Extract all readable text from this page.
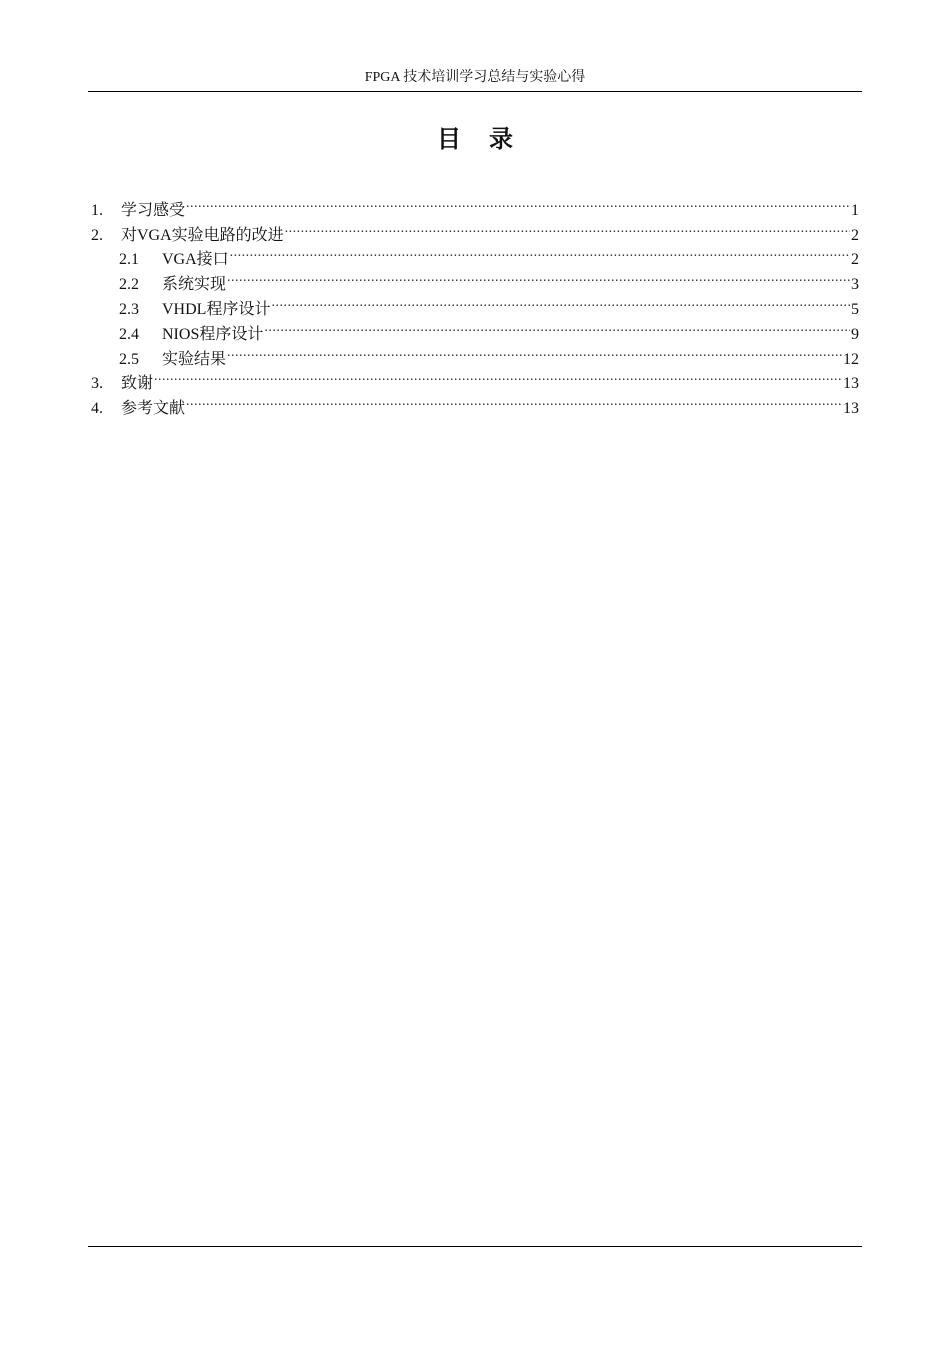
FPGA 技术培训学习总结与实验心得
目 录
1.	学习感受 .....	1
2.	对VGA实验电路的改进 .....	2
2.1	VGA接口 .....	2
2.2	系统实现 .....	3
2.3	VHDL程序设计 .....	5
2.4	NIOS程序设计 .....	9
2.5	实验结果 .....	12
3.	致谢 .....	13
4.	参考文献 .....	13
